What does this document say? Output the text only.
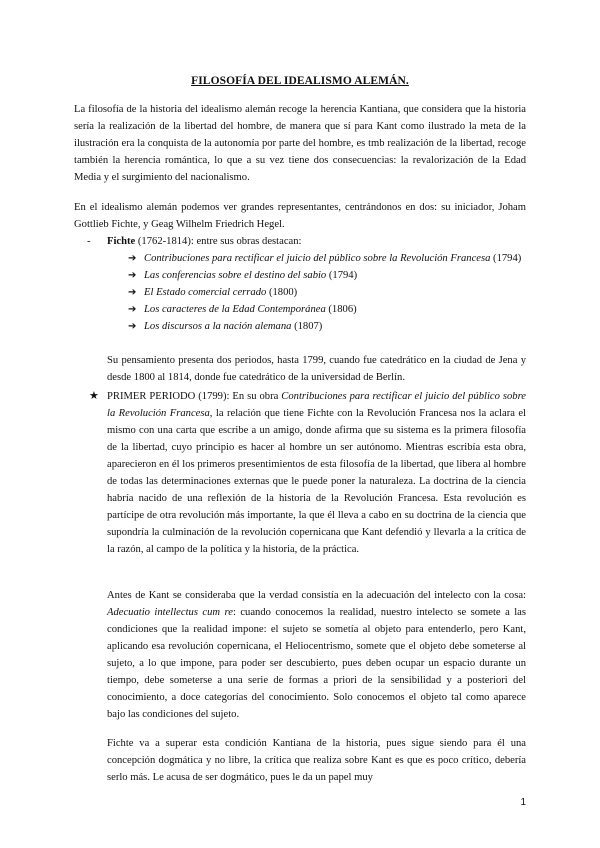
FILOSOFÍA DEL IDEALISMO ALEMÁN.

La filosofía de la historia del idealismo alemán recoge la herencia Kantiana, que considera que la historia sería la realización de la libertad del hombre, de manera que sí para Kant como ilustrado la meta de la ilustración era la conquista de la autonomía por parte del hombre, es tmb realización de la libertad, recoge también la herencia romántica, lo que a su vez tiene dos consecuencias: la revalorización de la Edad Media y el surgimiento del nacionalismo.

En el idealismo alemán podemos ver grandes representantes, centrándonos en dos: su iniciador, Joham Gottlieb Fichte, y Geag Wilhelm Friedrich Hegel.

- Fichte (1762-1814): entre sus obras destacan:
➔ Contribuciones para rectificar el juicio del público sobre la Revolución Francesa (1794)
➔ Las conferencias sobre el destino del sabio (1794)
➔ El Estado comercial cerrado (1800)
➔ Los caracteres de la Edad Contemporánea (1806)
➔ Los discursos a la nación alemana (1807)

Su pensamiento presenta dos periodos, hasta 1799, cuando fue catedrático en la ciudad de Jena y desde 1800 al 1814, donde fue catedrático de la universidad de Berlín.

★ PRIMER PERIODO (1799): En su obra Contribuciones para rectificar el juicio del público sobre la Revolución Francesa, la relación que tiene Fichte con la Revolución Francesa nos la aclara el mismo con una carta que escribe a un amigo, donde afirma que su sistema es la primera filosofía de la libertad, cuyo principio es hacer al hombre un ser autónomo. Mientras escribía esta obra, aparecieron en él los primeros presentimientos de esta filosofía de la libertad, que libera al hombre de todas las determinaciones externas que le puede poner la naturaleza. La doctrina de la ciencia habría nacido de una reflexión de la historia de la Revolución Francesa. Esta revolución es partícipe de otra revolución más importante, la que él lleva a cabo en su doctrina de la ciencia que supondría la culminación de la revolución copernicana que Kant defendió y llevarla a la crítica de la razón, al campo de la política y la historia, de la práctica.

Antes de Kant se consideraba que la verdad consistía en la adecuación del intelecto con la cosa: Adecuatio intellectus cum re: cuando conocemos la realidad, nuestro intelecto se somete a las condiciones que la realidad impone: el sujeto se sometía al objeto para entenderlo, pero Kant, aplicando esa revolución copernicana, el Heliocentrismo, somete que el objeto debe someterse al sujeto, a lo que impone, para poder ser descubierto, pues deben ocupar un espacio durante un tiempo, debe someterse a una serie de formas a priori de la sensibilidad y a posteriori del conocimiento, a doce categorías del conocimiento. Solo conocemos el objeto tal como aparece bajo las condiciones del sujeto.

Fichte va a superar esta condición Kantiana de la historia, pues sigue siendo para él una concepción dogmática y no libre, la crítica que realiza sobre Kant es que es poco crítico, debería serlo más. Le acusa de ser dogmático, pues le da un papel muy

1
